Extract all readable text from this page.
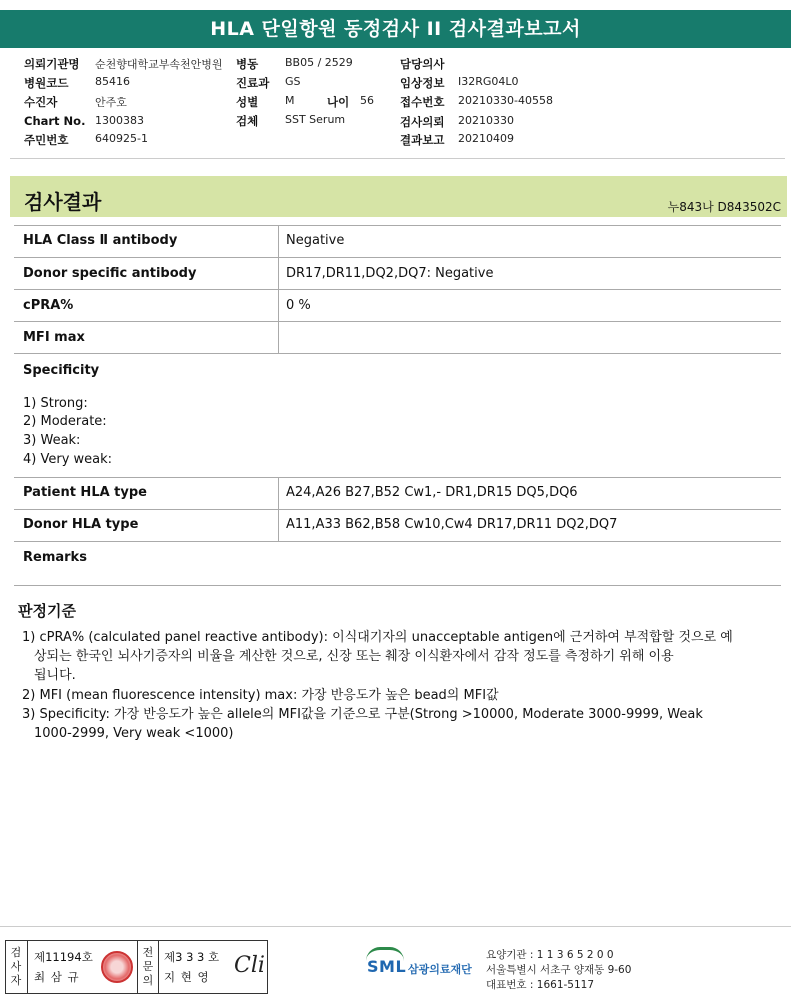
HLA 단일항원 동정검사 II 검사결과보고서
의뢰기관명 순천향대학교부속천안병원 병동 BB05 / 2529	담당의사
병원코드 85416	진료과 GS	임상정보 I32RG04L0
수진자	안주호	성별 M	나이 56 접수번호 20210330-40558
Chart No. 1300383	검체 SST Serum	검사의뢰 20210330
주민번호 640925-1	결과보고 20210409
검사결과	누843나 D843502C
HLA Class Ⅱ antibody	Negative
Donor specific antibody	DR17,DR11,DQ2,DQ7: Negative
cPRA%	0 %
MFI max
Specificity
1) Strong:
2) Moderate:
3) Weak:
4) Very weak:
Patient HLA type	A24,A26 B27,B52 Cw1,- DR1,DR15 DQ5,DQ6
Donor HLA type	A11,A33 B62,B58 Cw10,Cw4 DR17,DR11 DQ2,DQ7
Remarks
판정기준
1) cPRA% (calculated panel reactive antibody): 이식대기자의 unacceptable antigen에 근거하여 부적합할 것으로 예
상되는 한국인 뇌사기증자의 비율을 계산한 것으로, 신장 또는 췌장 이식환자에서 감작 정도를 측정하기 위해 이용
됩니다.
2) MFI (mean fluorescence intensity) max: 가장 반응도가 높은 bead의 MFI값
3) Specificity: 가장 반응도가 높은 allele의 MFI값을 기준으로 구분(Strong >10000, Moderate 3000-9999, Weak
1000-2999, Very weak <1000)
검
사
자
제11194호
최 삼 규
전
문
의
제3 3 3 호
지 현 영 Cli	SML 삼광의료재단
요양기관 : 1 1 3 6 5 2 0 0
서울특별시 서초구 양재동 9-60
대표번호 : 1661-5117
